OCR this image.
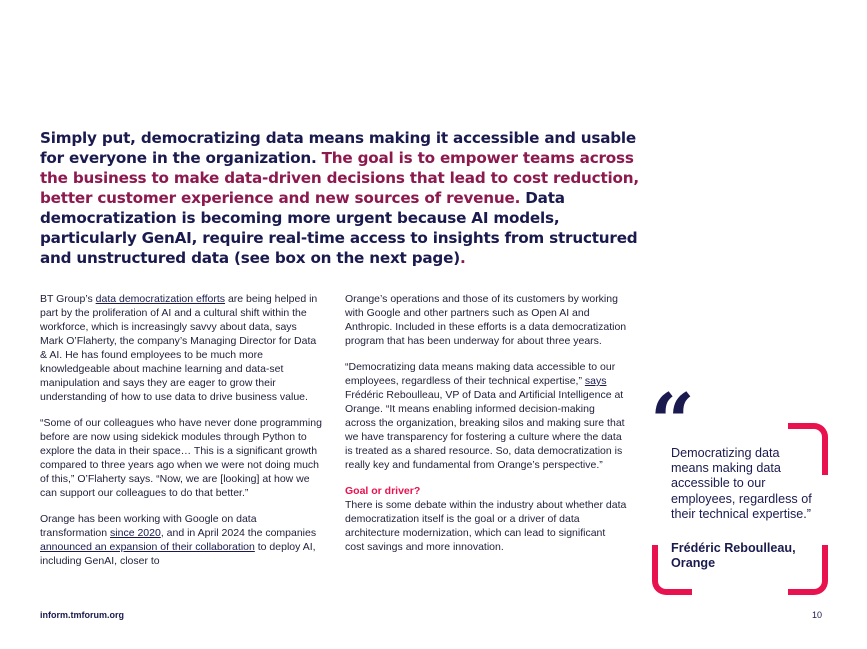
Simply put, democratizing data means making it accessible and usable for everyone in the organization. The goal is to empower teams across the business to make data-driven decisions that lead to cost reduction, better customer experience and new sources of revenue. Data democratization is becoming more urgent because AI models, particularly GenAI, require real-time access to insights from structured and unstructured data (see box on the next page).

BT Group’s data democratization efforts are being helped in part by the proliferation of AI and a cultural shift within the workforce, which is increasingly savvy about data, says Mark O’Flaherty, the company’s Managing Director for Data & AI. He has found employees to be much more knowledgeable about machine learning and data-set manipulation and says they are eager to grow their understanding of how to use data to drive business value.

“Some of our colleagues who have never done programming before are now using sidekick modules through Python to explore the data in their space… This is a significant growth compared to three years ago when we were not doing much of this,” O’Flaherty says. “Now, we are [looking] at how we can support our colleagues to do that better.”

Orange has been working with Google on data transformation since 2020, and in April 2024 the companies announced an expansion of their collaboration to deploy AI, including GenAI, closer to

Orange’s operations and those of its customers by working with Google and other partners such as Open AI and Anthropic. Included in these efforts is a data democratization program that has been underway for about three years.

“Democratizing data means making data accessible to our employees, regardless of their technical expertise,” says Frédéric Reboulleau, VP of Data and Artificial Intelligence at Orange. “It means enabling informed decision-making across the organization, breaking silos and making sure that we have transparency for fostering a culture where the data is treated as a shared resource. So, data democratization is really key and fundamental from Orange’s perspective.”

Goal or driver?
There is some debate within the industry about whether data democratization itself is the goal or a driver of data architecture modernization, which can lead to significant cost savings and more innovation.

“
Democratizing data means making data accessible to our employees, regardless of their technical expertise.”
Frédéric Reboulleau, Orange
inform.tmforum.org	10
